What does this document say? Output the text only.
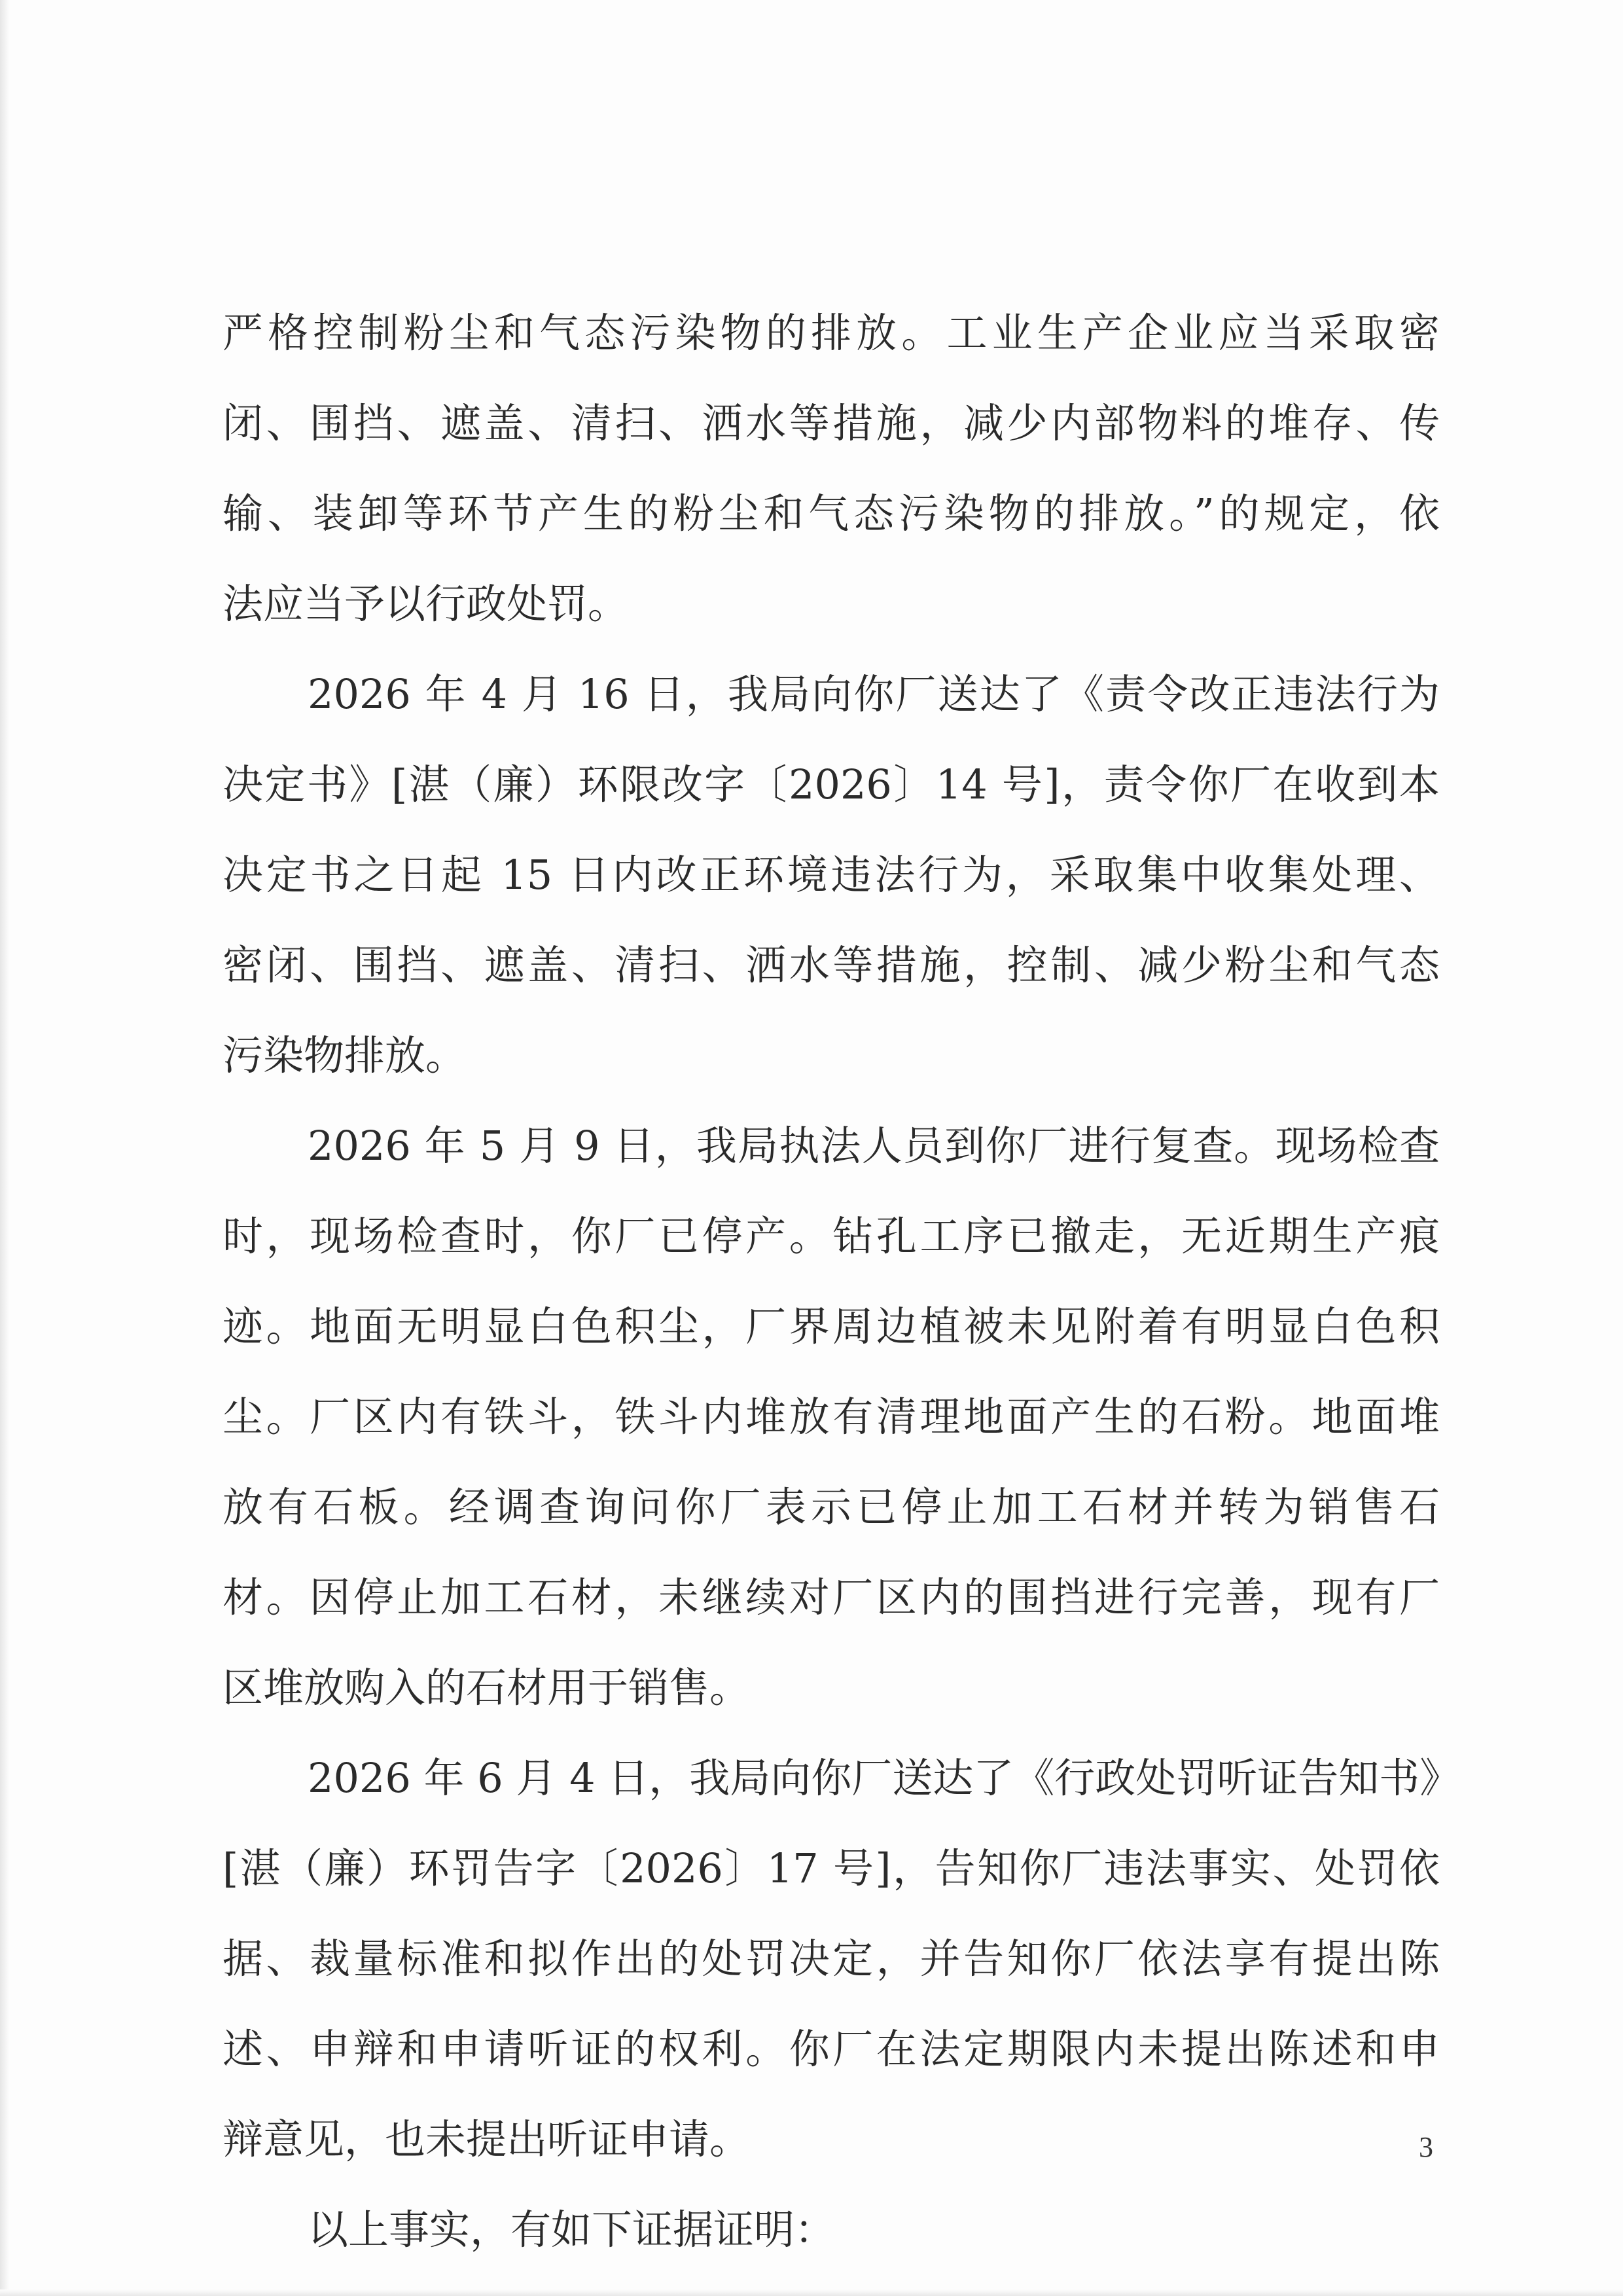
严格控制粉尘和气态污染物的排放。工业生产企业应当采取密
闭、围挡、遮盖、清扫、洒水等措施，减少内部物料的堆存、传
输、装卸等环节产生的粉尘和气态污染物的排放。”的规定，依
法应当予以行政处罚。
2026 年 4 月 16 日，我局向你厂送达了《责令改正违法行为
决定书》[湛（廉）环限改字〔2026〕14 号]，责令你厂在收到本
决定书之日起 15 日内改正环境违法行为，采取集中收集处理、
密闭、围挡、遮盖、清扫、洒水等措施，控制、减少粉尘和气态
污染物排放。
2026 年 5 月 9 日，我局执法人员到你厂进行复查。现场检查
时，现场检查时，你厂已停产。钻孔工序已撤走，无近期生产痕
迹。地面无明显白色积尘，厂界周边植被未见附着有明显白色积
尘。厂区内有铁斗，铁斗内堆放有清理地面产生的石粉。地面堆
放有石板。经调查询问你厂表示已停止加工石材并转为销售石
材。因停止加工石材，未继续对厂区内的围挡进行完善，现有厂
区堆放购入的石材用于销售。
2026 年 6 月 4 日，我局向你厂送达了《行政处罚听证告知书》
[湛（廉）环罚告字〔2026〕17 号]，告知你厂违法事实、处罚依
据、裁量标准和拟作出的处罚决定，并告知你厂依法享有提出陈
述、申辩和申请听证的权利。你厂在法定期限内未提出陈述和申
辩意见，也未提出听证申请。
以上事实，有如下证据证明：
3
